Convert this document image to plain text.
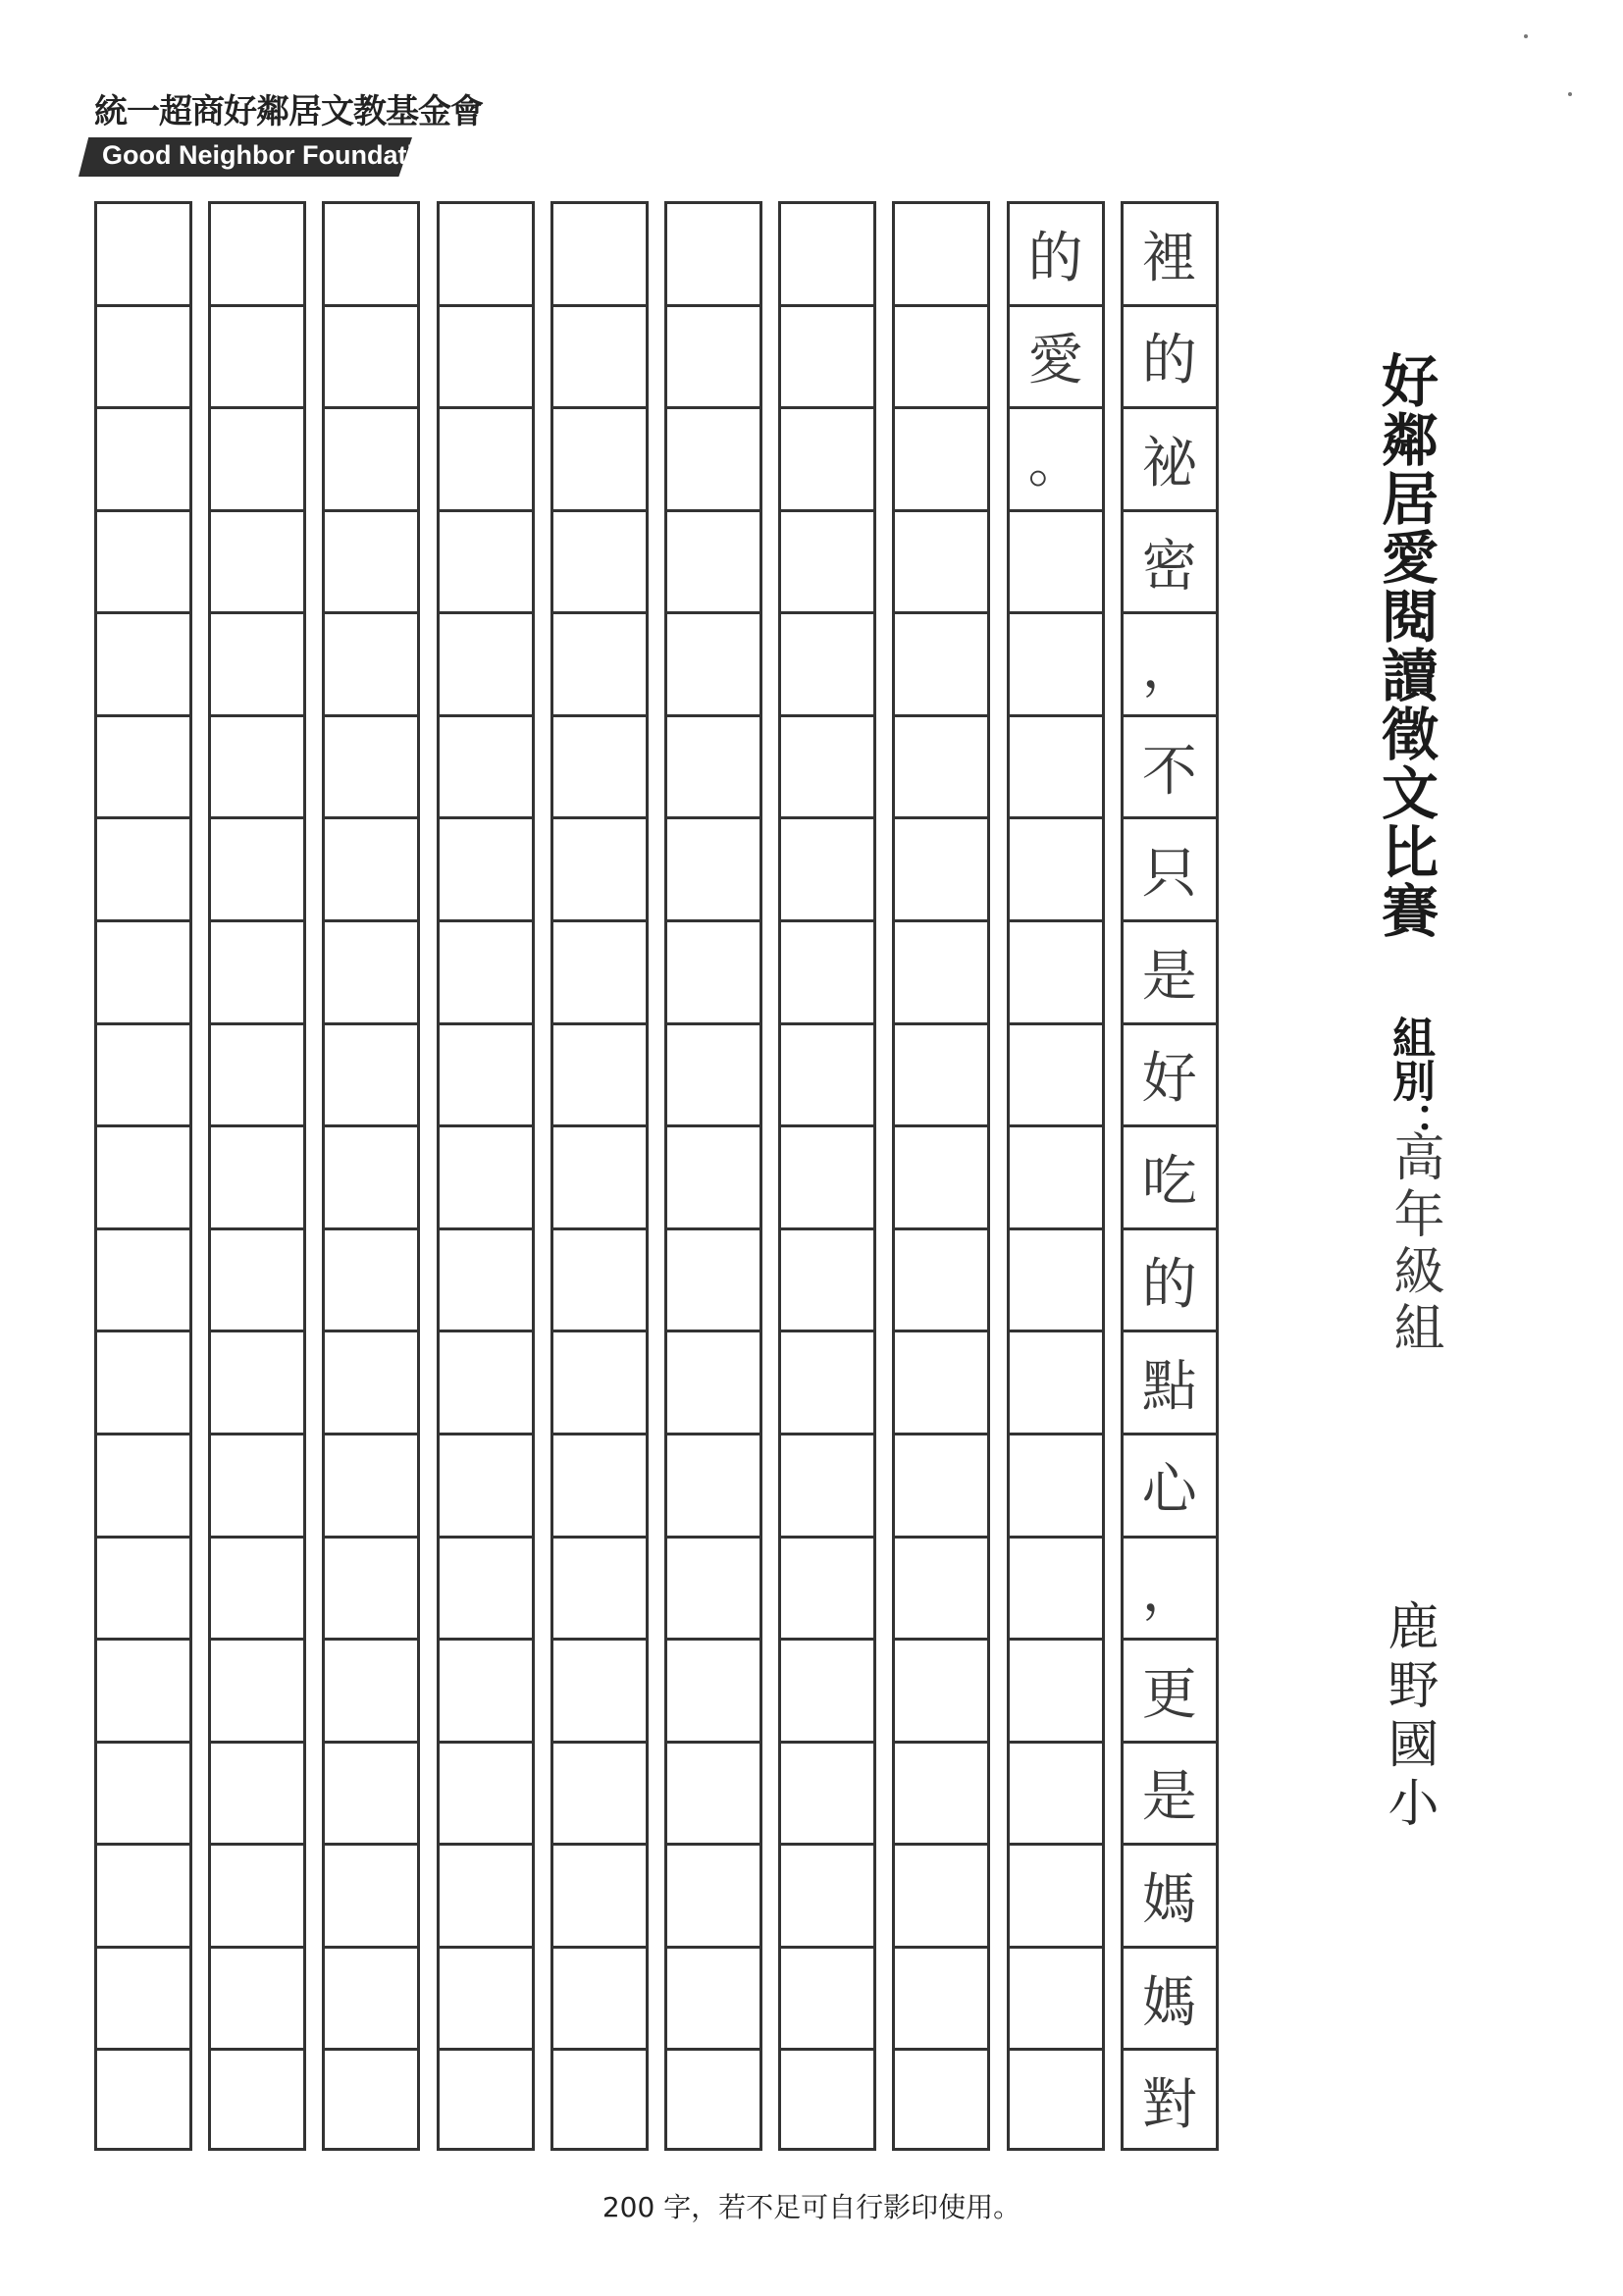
統一超商好鄰居文教基金會
Good Neighbor Foundation
的
愛
。
裡
的
祕
密
，
不
只
是
好
吃
的
點
心
，
更
是
媽
媽
對
好鄰居愛閱讀徵文比賽
組別：
高年級組
鹿野國小
200 字，若不足可自行影印使用。
